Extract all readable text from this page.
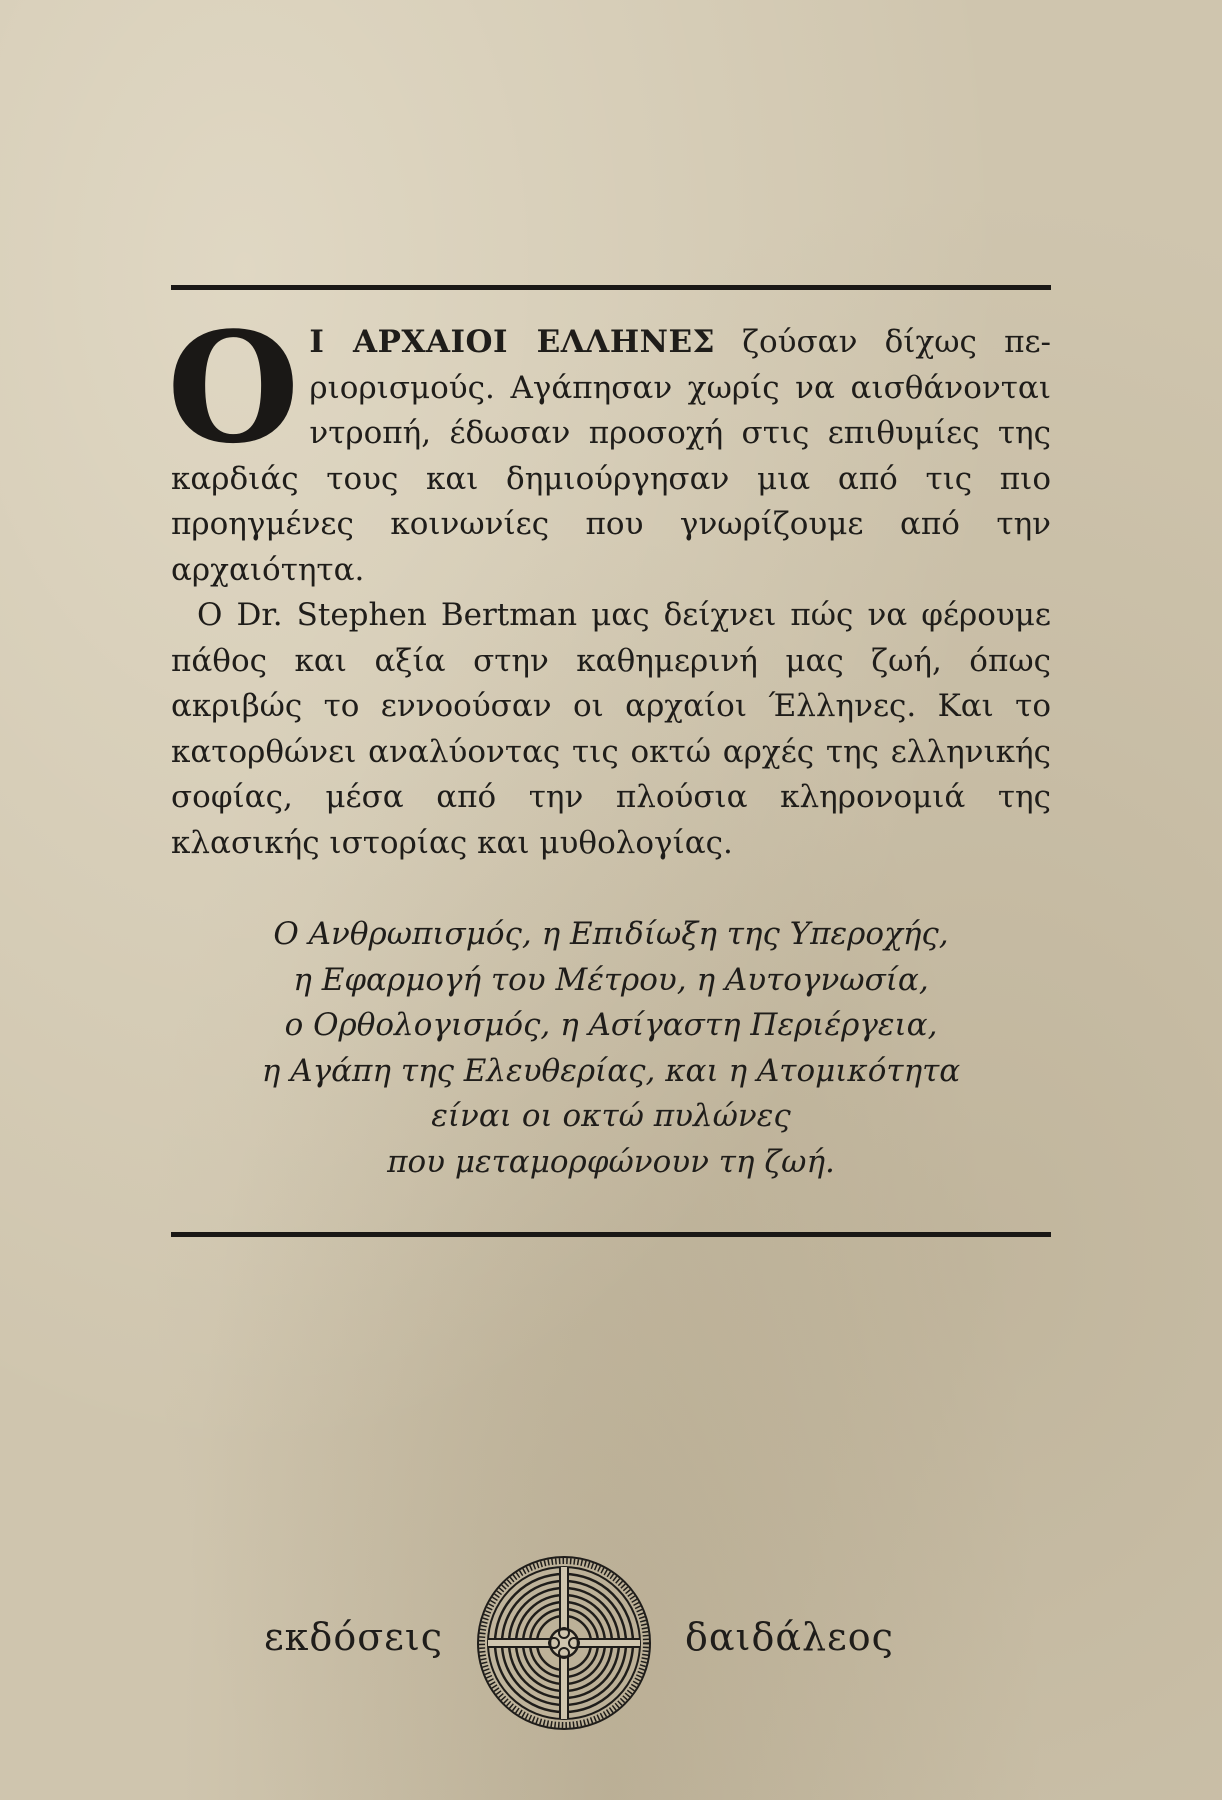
Ο Ι ΑΡΧΑΙΟΙ ΕΛΛΗΝΕΣ ζούσαν δίχως περιορισμούς. Αγάπησαν χωρίς να αισθάνονται ντροπή, έδωσαν προσοχή στις επιθυμίες της καρδιάς τους και δημιούργησαν μια από τις πιο προηγμένες κοινωνίες που γνωρίζουμε από την αρχαιότητα.

Ο Dr. Stephen Bertman μας δείχνει πώς να φέρουμε πάθος και αξία στην καθημερινή μας ζωή, όπως ακριβώς το εννοούσαν οι αρχαίοι Έλληνες. Και το κατορθώνει αναλύοντας τις οκτώ αρχές της ελληνικής σοφίας, μέσα από την πλούσια κληρονομιά της κλασικής ιστορίας και μυθολογίας.

Ο Ανθρωπισμός, η Επιδίωξη της Υπεροχής,
η Εφαρμογή του Μέτρου, η Αυτογνωσία,
ο Ορθολογισμός, η Ασίγαστη Περιέργεια,
η Αγάπη της Ελευθερίας, και η Ατομικότητα
είναι οι οκτώ πυλώνες
που μεταμορφώνουν τη ζωή.
εκδόσεις	δαιδάλεος
